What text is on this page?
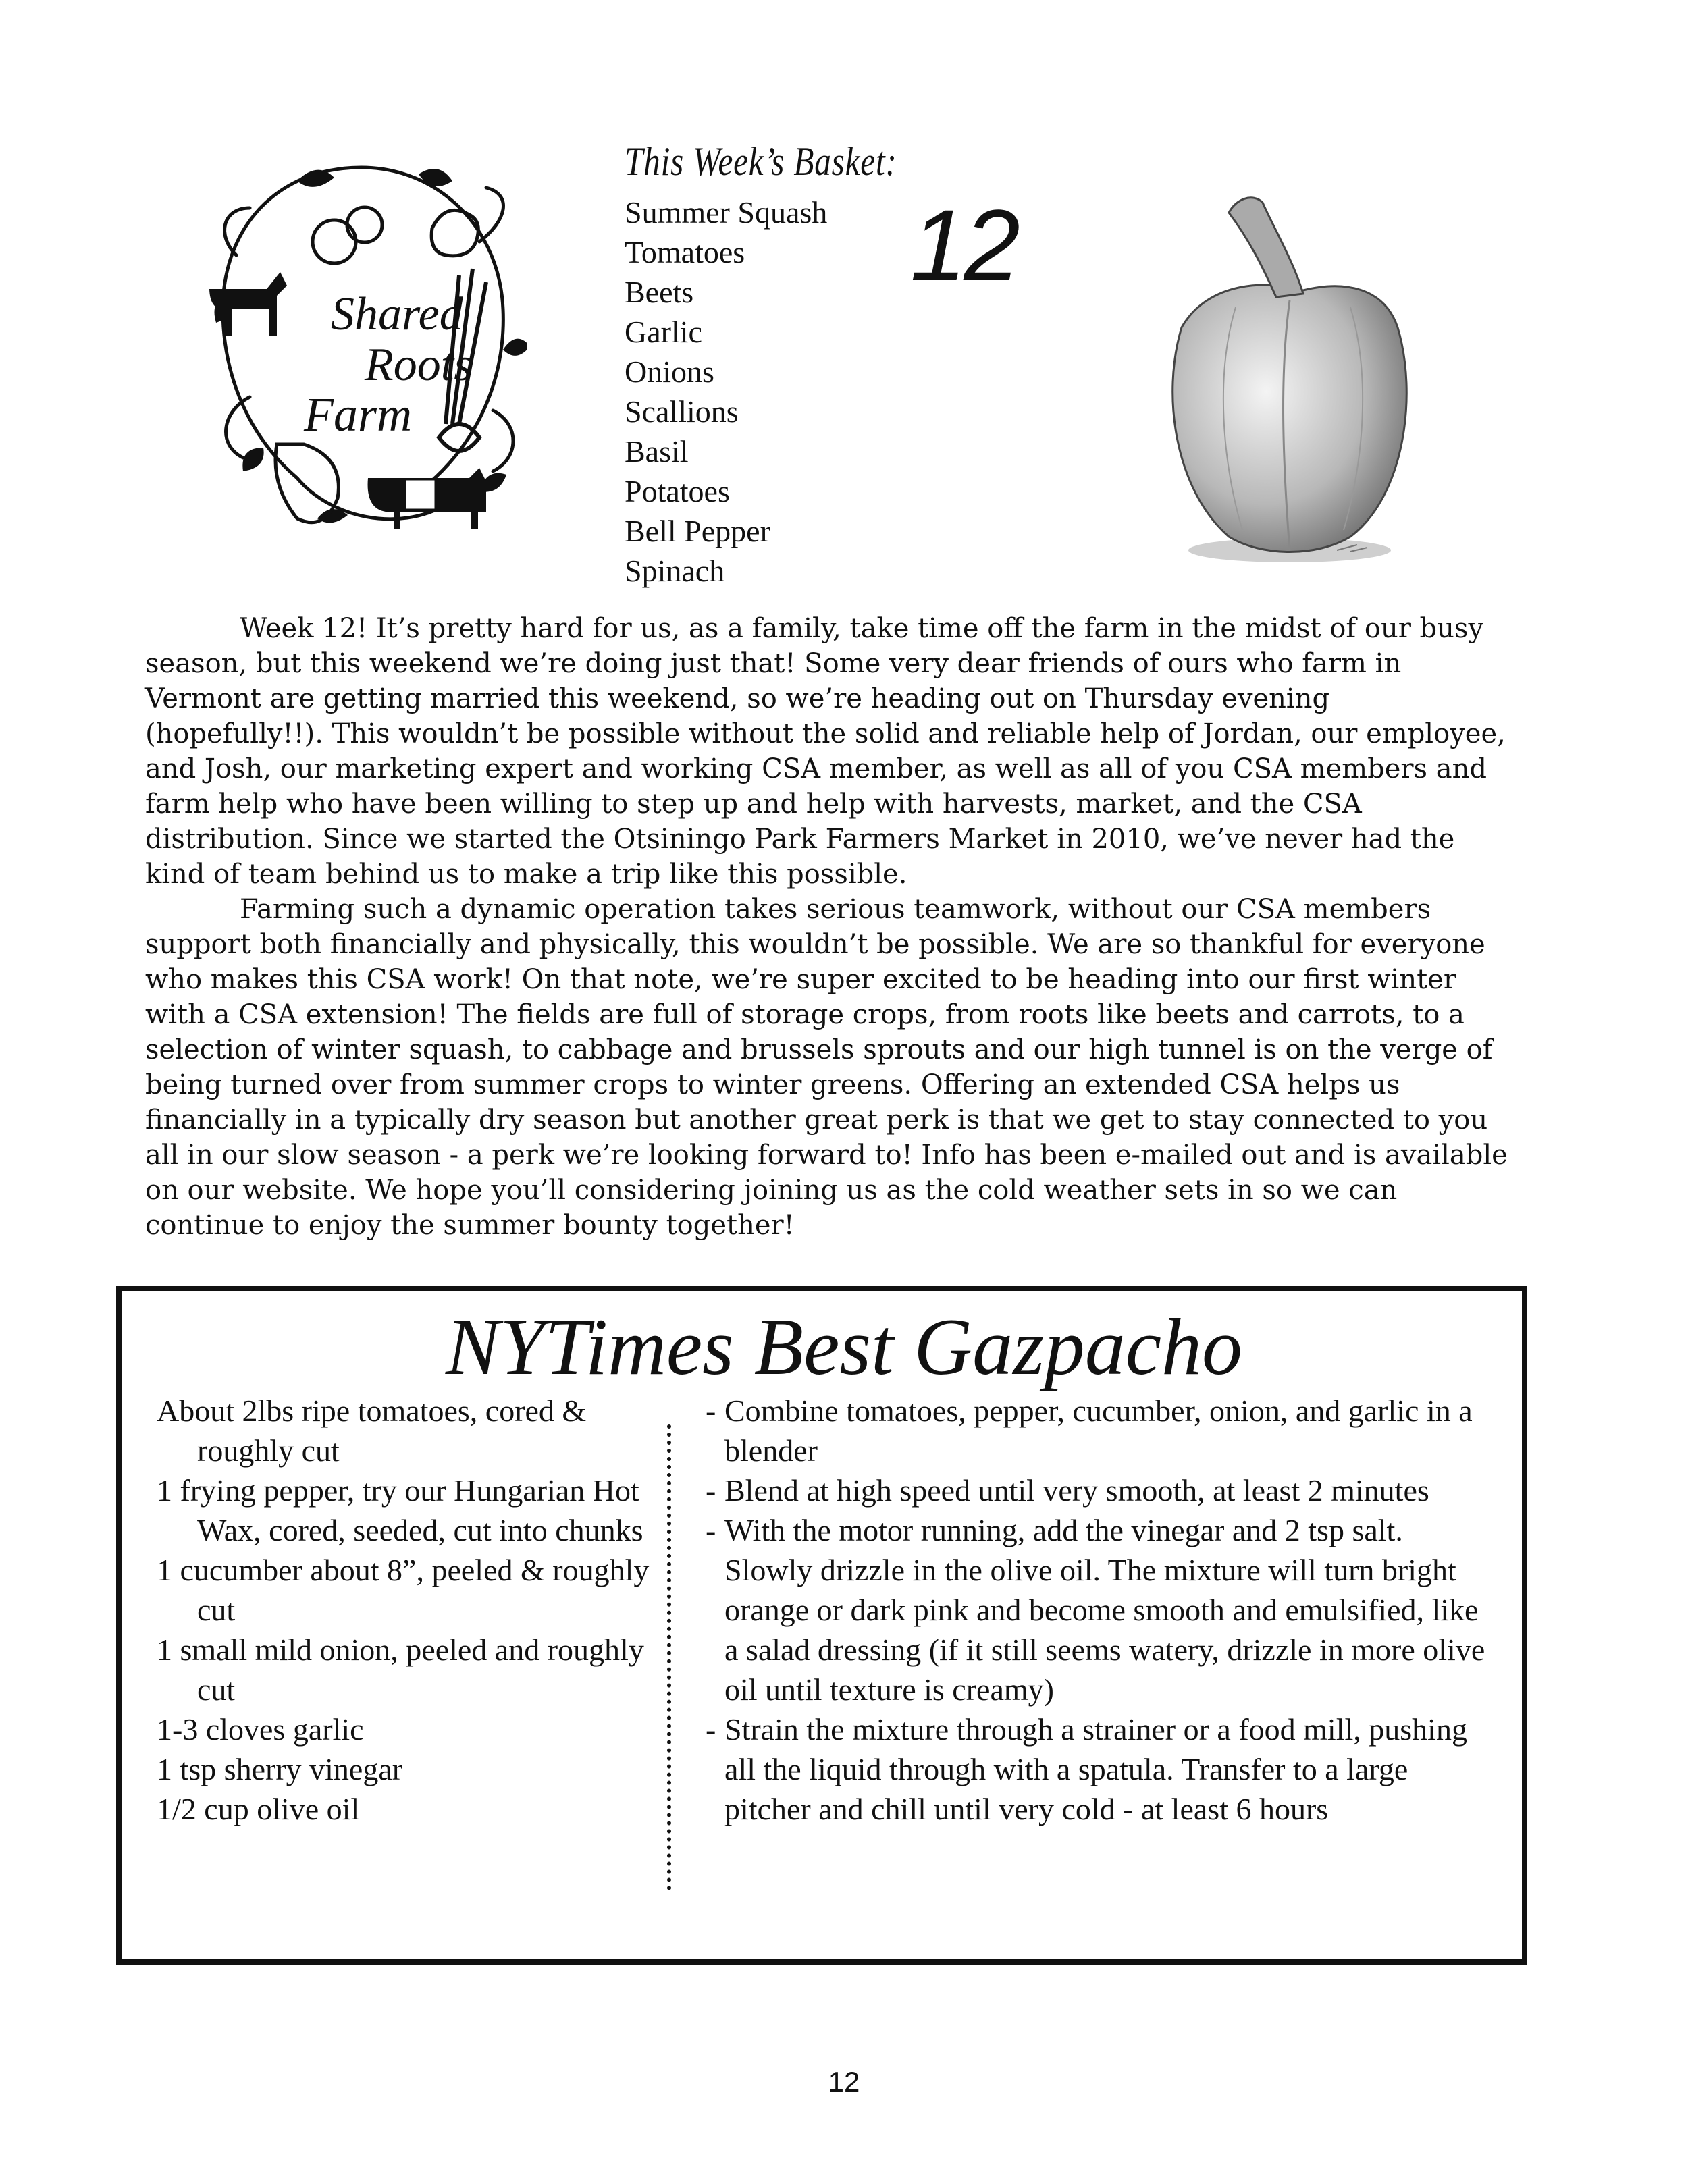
Shared
Roots
Farm
This Week’s Basket:
Summer Squash
Tomatoes
Beets
Garlic
Onions
Scallions
Basil
Potatoes
Bell Pepper
Spinach
12

Week 12! It’s pretty hard for us, as a family, take time off the farm in the midst of our busy season, but this weekend we’re doing just that! Some very dear friends of ours who farm in Vermont are getting married this weekend, so we’re heading out on Thursday evening (hopefully!!). This wouldn’t be possible without the solid and reliable help of Jordan, our employee, and Josh, our marketing expert and working CSA member, as well as all of you CSA members and farm help who have been willing to step up and help with harvests, market, and the CSA distribution. Since we started the Otsiningo Park Farmers Market in 2010, we’ve never had the kind of team behind us to make a trip like this possible.

Farming such a dynamic operation takes serious teamwork, without our CSA members support both financially and physically, this wouldn’t be possible. We are so thankful for everyone who makes this CSA work! On that note, we’re super excited to be heading into our first winter with a CSA extension! The fields are full of storage crops, from roots like beets and carrots, to a selection of winter squash, to cabbage and brussels sprouts and our high tunnel is on the verge of being turned over from summer crops to winter greens. Offering an extended CSA helps us financially in a typically dry season but another great perk is that we get to stay connected to you all in our slow season - a perk we’re looking forward to! Info has been e-mailed out and is available on our website. We hope you’ll considering joining us as the cold weather sets in so we can continue to enjoy the summer bounty together!

NYTimes Best Gazpacho
About 2lbs ripe tomatoes, cored & roughly cut
1 frying pepper, try our Hungarian Hot Wax, cored, seeded, cut into chunks
1 cucumber about 8”, peeled & roughly cut
1 small mild onion, peeled and roughly cut
1-3 cloves garlic
1 tsp sherry vinegar
1/2 cup olive oil
- Combine tomatoes, pepper, cucumber, onion, and garlic in a blender
- Blend at high speed until very smooth, at least 2 minutes
- With the motor running, add the vinegar and 2 tsp salt. Slowly drizzle in the olive oil. The mixture will turn bright orange or dark pink and become smooth and emulsified, like a salad dressing (if it still seems watery, drizzle in more olive oil until texture is creamy)
- Strain the mixture through a strainer or a food mill, pushing all the liquid through with a spatula. Transfer to a large pitcher and chill until very cold - at least 6 hours
12
